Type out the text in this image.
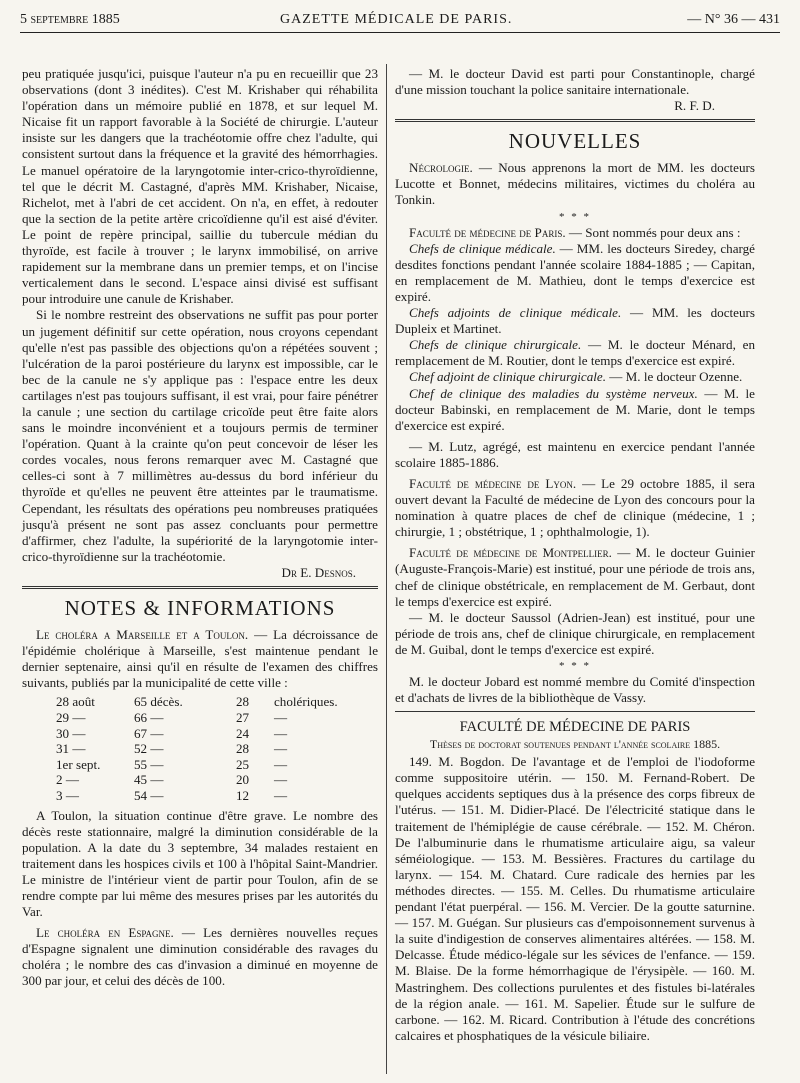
5 septembre 1885	GAZETTE MÉDICALE DE PARIS.	— N° 36 — 431

peu pratiquée jusqu'ici, puisque l'auteur n'a pu en recueillir que 23 observations (dont 3 inédites). C'est M. Krishaber qui réhabilita l'opération dans un mémoire publié en 1878, et sur lequel M. Nicaise fit un rapport favorable à la Société de chirurgie. L'auteur insiste sur les dangers que la trachéotomie offre chez l'adulte, qui consistent surtout dans la fréquence et la gravité des hémorrhagies. Le manuel opératoire de la laryngotomie inter-crico-thyroïdienne, tel que le décrit M. Castagné, d'après MM. Krishaber, Nicaise, Richelot, met à l'abri de cet accident. On n'a, en effet, à redouter que la section de la petite artère cricoïdienne qu'il est aisé d'éviter. Le point de repère principal, saillie du tubercule médian du thyroïde, est facile à trouver ; le larynx immobilisé, on arrive rapidement sur la membrane dans un premier temps, et on l'incise verticalement dans le second. L'espace ainsi divisé est suffisant pour introduire une canule de Krishaber.

Si le nombre restreint des observations ne suffit pas pour porter un jugement définitif sur cette opération, nous croyons cependant qu'elle n'est pas passible des objections qu'on a répétées souvent ; l'ulcération de la paroi postérieure du larynx est impossible, car le bec de la canule ne s'y applique pas : l'espace entre les deux cartilages n'est pas toujours suffisant, il est vrai, pour faire pénétrer la canule ; une section du cartilage cricoïde peut être faite alors sans le moindre inconvénient et a toujours permis de terminer l'opération. Quant à la crainte qu'on peut concevoir de léser les cordes vocales, nous ferons remarquer avec M. Castagné que celles-ci sont à 7 millimètres au-dessus du bord inférieur du thyroïde et qu'elles ne peuvent être atteintes par le traumatisme. Cependant, les résultats des opérations peu nombreuses pratiquées jusqu'à présent ne sont pas assez concluants pour permettre d'affirmer, chez l'adulte, la supériorité de la laryngotomie inter-crico-thyroïdienne sur la trachéotomie.

Dr E. Desnos.
NOTES & INFORMATIONS

Le choléra a Marseille et a Toulon. — La décroissance de l'épidémie cholérique à Marseille, s'est maintenue pendant le dernier septenaire, ainsi qu'il en résulte de l'examen des chiffres suivants, publiés par la municipalité de cette ville :

28 août	65 décès.	28	cholériques.
29 —	66 —	27	—
30 —	67 —	24	—
31 —	52 —	28	—
1er sept.	55 —	25	—
2 —	45 —	20	—
3 —	54 —	12	—

A Toulon, la situation continue d'être grave. Le nombre des décès reste stationnaire, malgré la diminution considérable de la population. A la date du 3 septembre, 34 malades restaient en traitement dans les hospices civils et 100 à l'hôpital Saint-Mandrier. Le ministre de l'intérieur vient de partir pour Toulon, afin de se rendre compte par lui même des mesures prises par les autorités du Var.

Le choléra en Espagne. — Les dernières nouvelles reçues d'Espagne signalent une diminution considérable des ravages du choléra ; le nombre des cas d'invasion a diminué en moyenne de 300 par jour, et celui des décès de 100.

— M. le docteur David est parti pour Constantinople, chargé d'une mission touchant la police sanitaire internationale.

R. F. D.
NOUVELLES

Nécrologie. — Nous apprenons la mort de MM. les docteurs Lucotte et Bonnet, médecins militaires, victimes du choléra au Tonkin.

* * *

Faculté de médecine de Paris. — Sont nommés pour deux ans :

Chefs de clinique médicale. — MM. les docteurs Siredey, chargé desdites fonctions pendant l'année scolaire 1884-1885 ; — Capitan, en remplacement de M. Mathieu, dont le temps d'exercice est expiré.

Chefs adjoints de clinique médicale. — MM. les docteurs Dupleix et Martinet.

Chefs de clinique chirurgicale. — M. le docteur Ménard, en remplacement de M. Routier, dont le temps d'exercice est expiré.

Chef adjoint de clinique chirurgicale. — M. le docteur Ozenne.

Chef de clinique des maladies du système nerveux. — M. le docteur Babinski, en remplacement de M. Marie, dont le temps d'exercice est expiré.

— M. Lutz, agrégé, est maintenu en exercice pendant l'année scolaire 1885-1886.

Faculté de médecine de Lyon. — Le 29 octobre 1885, il sera ouvert devant la Faculté de médecine de Lyon des concours pour la nomination à quatre places de chef de clinique (médecine, 1 ; chirurgie, 1 ; obstétrique, 1 ; ophthalmologie, 1).

Faculté de médecine de Montpellier. — M. le docteur Guinier (Auguste-François-Marie) est institué, pour une période de trois ans, chef de clinique obstétricale, en remplacement de M. Gerbaut, dont le temps d'exercice est expiré.

— M. le docteur Saussol (Adrien-Jean) est institué, pour une période de trois ans, chef de clinique chirurgicale, en remplacement de M. Guibal, dont le temps d'exercice est expiré.

* * *

M. le docteur Jobard est nommé membre du Comité d'inspection et d'achats de livres de la bibliothèque de Vassy.

FACULTÉ DE MÉDECINE DE PARIS
Thèses de doctorat soutenues pendant l'année scolaire 1885.

149. M. Bogdon. De l'avantage et de l'emploi de l'iodoforme comme suppositoire utérin. — 150. M. Fernand-Robert. De quelques accidents septiques dus à la présence des corps fibreux de l'utérus. — 151. M. Didier-Placé. De l'électricité statique dans le traitement de l'hémiplégie de cause cérébrale. — 152. M. Chéron. De l'albuminurie dans le rhumatisme articulaire aigu, sa valeur séméiologique. — 153. M. Bessières. Fractures du cartilage du larynx. — 154. M. Chatard. Cure radicale des hernies par les méthodes directes. — 155. M. Celles. Du rhumatisme articulaire pendant l'état puerpéral. — 156. M. Vercier. De la goutte saturnine. — 157. M. Guégan. Sur plusieurs cas d'empoisonnement survenus à la suite d'indigestion de conserves alimentaires altérées. — 158. M. Delcasse. Étude médico-légale sur les sévices de l'enfance. — 159. M. Blaise. De la forme hémorrhagique de l'érysipèle. — 160. M. Mastringhem. Des collections purulentes et des fistules bi-latérales de la région anale. — 161. M. Sapelier. Étude sur le sulfure de carbone. — 162. M. Ricard. Contribution à l'étude des concrétions calcaires et phosphatiques de la vésicule biliaire.
